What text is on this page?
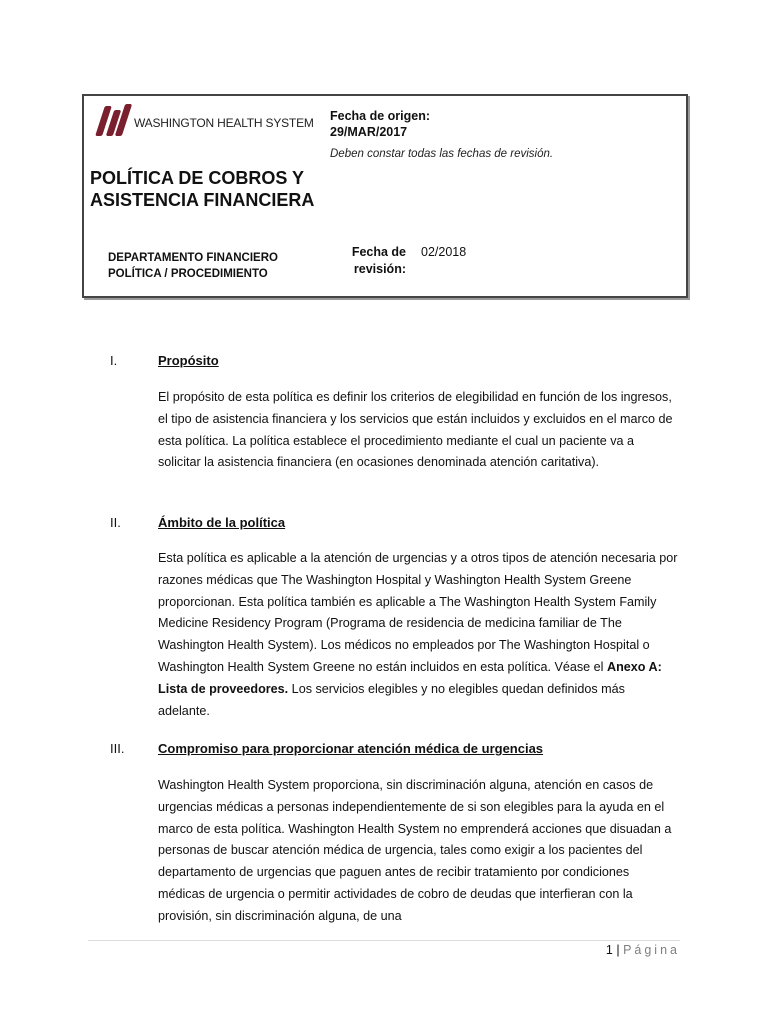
WASHINGTON HEALTH SYSTEM Fecha de origen:
29/MAR/2017
Deben constar todas las fechas de revisión.
POLÍTICA DE COBROS Y ASISTENCIA FINANCIERA
DEPARTAMENTO FINANCIERO
POLÍTICA / PROCEDIMIENTO
Fecha de revisión:
02/2018
I.	Propósito
El propósito de esta política es definir los criterios de elegibilidad en función de los ingresos, el tipo de asistencia financiera y los servicios que están incluidos y excluidos en el marco de esta política. La política establece el procedimiento mediante el cual un paciente va a solicitar la asistencia financiera (en ocasiones denominada atención caritativa).
II.	Ámbito de la política
Esta política es aplicable a la atención de urgencias y a otros tipos de atención necesaria por razones médicas que The Washington Hospital y Washington Health System Greene proporcionan. Esta política también es aplicable a The Washington Health System Family Medicine Residency Program (Programa de residencia de medicina familiar de The Washington Health System). Los médicos no empleados por The Washington Hospital o Washington Health System Greene no están incluidos en esta política. Véase el Anexo A: Lista de proveedores. Los servicios elegibles y no elegibles quedan definidos más adelante.
III.	Compromiso para proporcionar atención médica de urgencias
Washington Health System proporciona, sin discriminación alguna, atención en casos de urgencias médicas a personas independientemente de si son elegibles para la ayuda en el marco de esta política. Washington Health System no emprenderá acciones que disuadan a personas de buscar atención médica de urgencia, tales como exigir a los pacientes del departamento de urgencias que paguen antes de recibir tratamiento por condiciones médicas de urgencia o permitir actividades de cobro de deudas que interfieran con la provisión, sin discriminación alguna, de una
1 | Página
